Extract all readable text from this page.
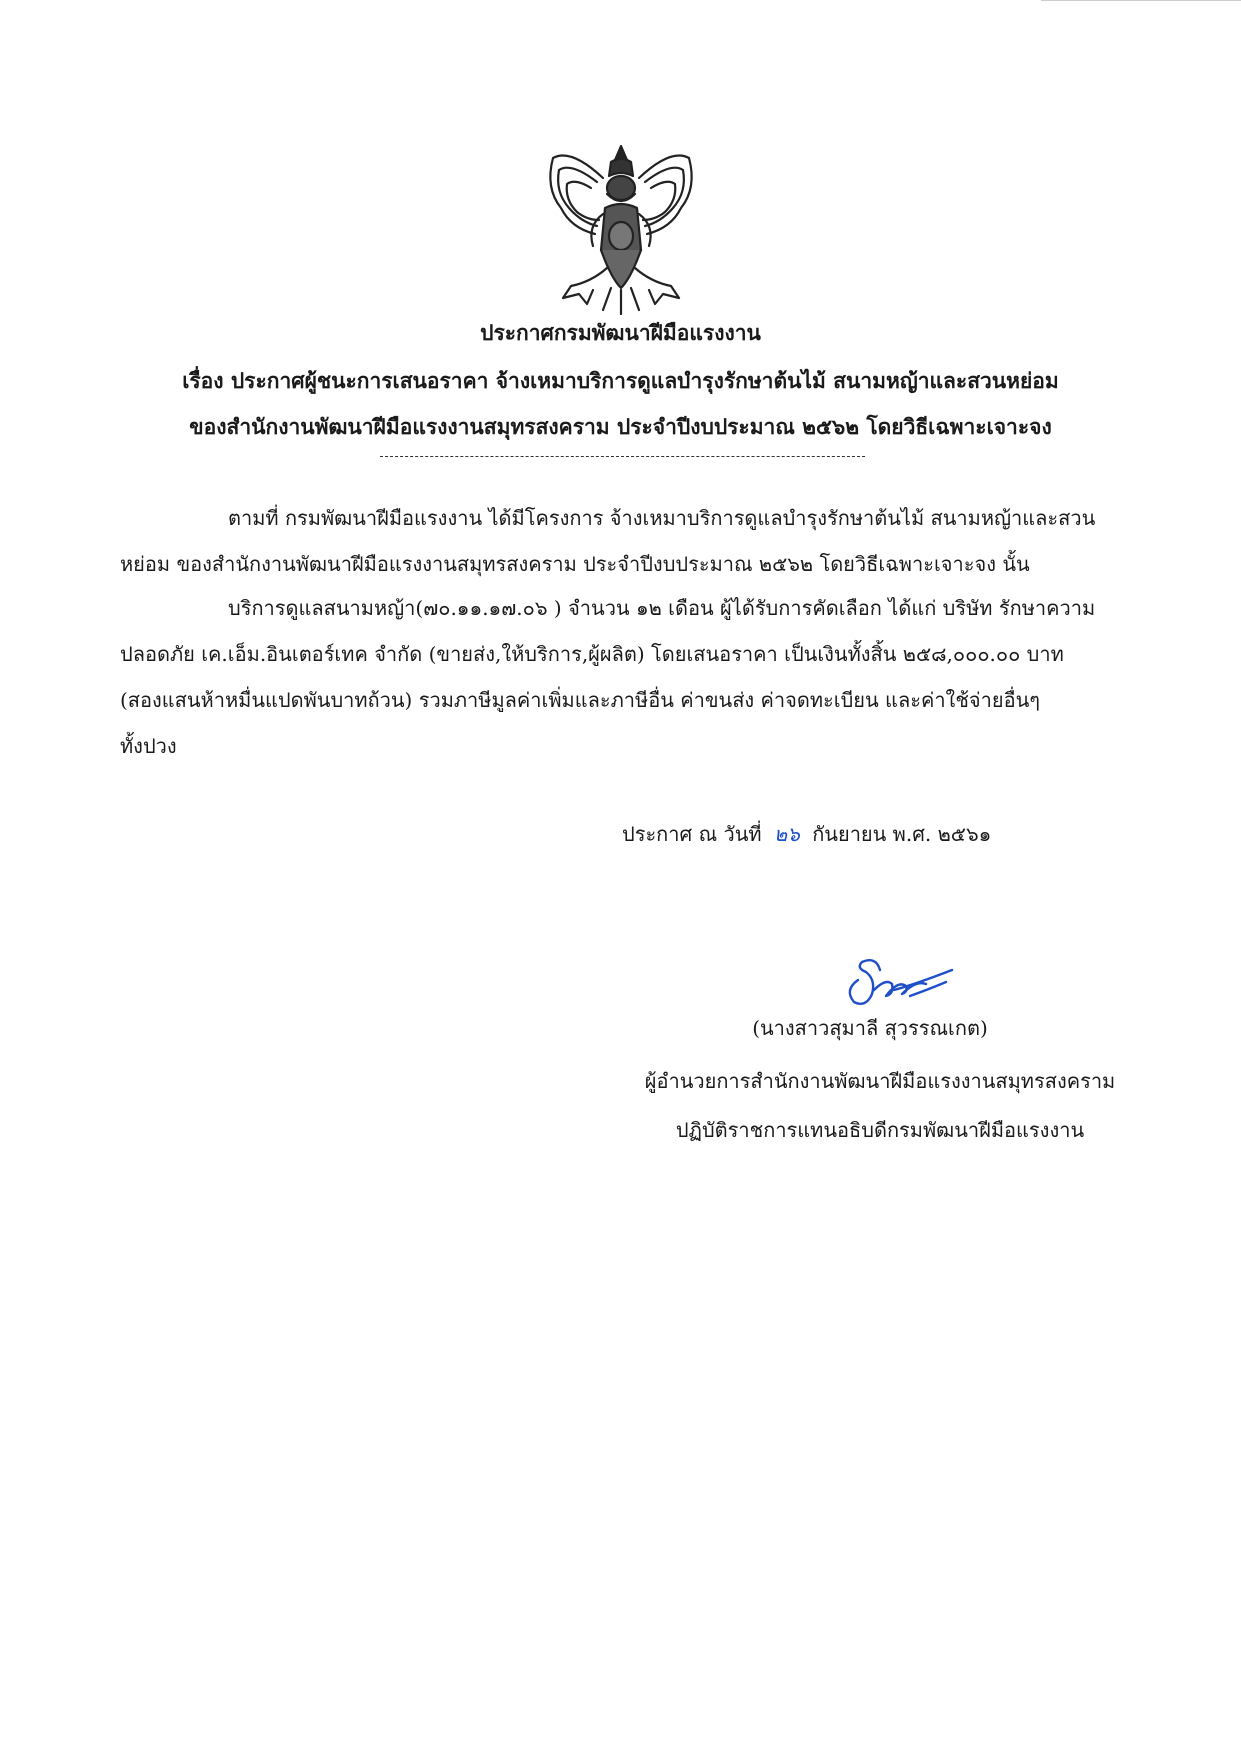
ประกาศกรมพัฒนาฝีมือแรงงาน
เรื่อง ประกาศผู้ชนะการเสนอราคา จ้างเหมาบริการดูแลบำรุงรักษาต้นไม้ สนามหญ้าและสวนหย่อม
ของสำนักงานพัฒนาฝีมือแรงงานสมุทรสงคราม ประจำปีงบประมาณ ๒๕๖๒ โดยวิธีเฉพาะเจาะจง
ตามที่ กรมพัฒนาฝีมือแรงงาน ได้มีโครงการ จ้างเหมาบริการดูแลบำรุงรักษาต้นไม้ สนามหญ้าและสวน
หย่อม ของสำนักงานพัฒนาฝีมือแรงงานสมุทรสงคราม ประจำปีงบประมาณ ๒๕๖๒ โดยวิธีเฉพาะเจาะจง นั้น
บริการดูแลสนามหญ้า(๗๐.๑๑.๑๗.๐๖ ) จำนวน ๑๒ เดือน ผู้ได้รับการคัดเลือก ได้แก่ บริษัท รักษาความ
ปลอดภัย เค.เอ็ม.อินเตอร์เทค จำกัด (ขายส่ง,ให้บริการ,ผู้ผลิต) โดยเสนอราคา เป็นเงินทั้งสิ้น ๒๕๘,๐๐๐.๐๐ บาท
(สองแสนห้าหมื่นแปดพันบาทถ้วน) รวมภาษีมูลค่าเพิ่มและภาษีอื่น ค่าขนส่ง ค่าจดทะเบียน และค่าใช้จ่ายอื่นๆ
ทั้งปวง
ประกาศ ณ วันที่ ๒๖ กันยายน พ.ศ. ๒๕๖๑
(นางสาวสุมาลี สุวรรณเกต)
ผู้อำนวยการสำนักงานพัฒนาฝีมือแรงงานสมุทรสงคราม
ปฏิบัติราชการแทนอธิบดีกรมพัฒนาฝีมือแรงงาน
